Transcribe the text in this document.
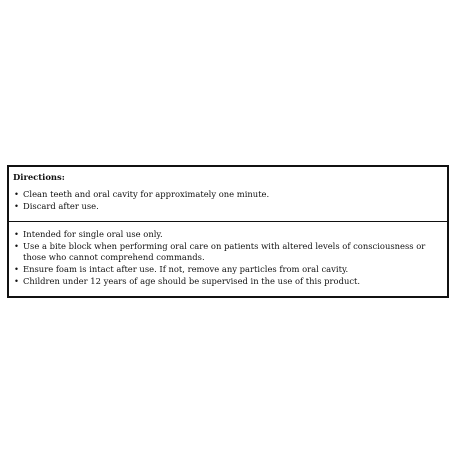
Directions:
• Clean teeth and oral cavity for approximately one minute.
• Discard after use.
• Intended for single oral use only.
• Use a bite block when performing oral care on patients with altered levels of consciousness or those who cannot comprehend commands.
• Ensure foam is intact after use. If not, remove any particles from oral cavity.
• Children under 12 years of age should be supervised in the use of this product.
